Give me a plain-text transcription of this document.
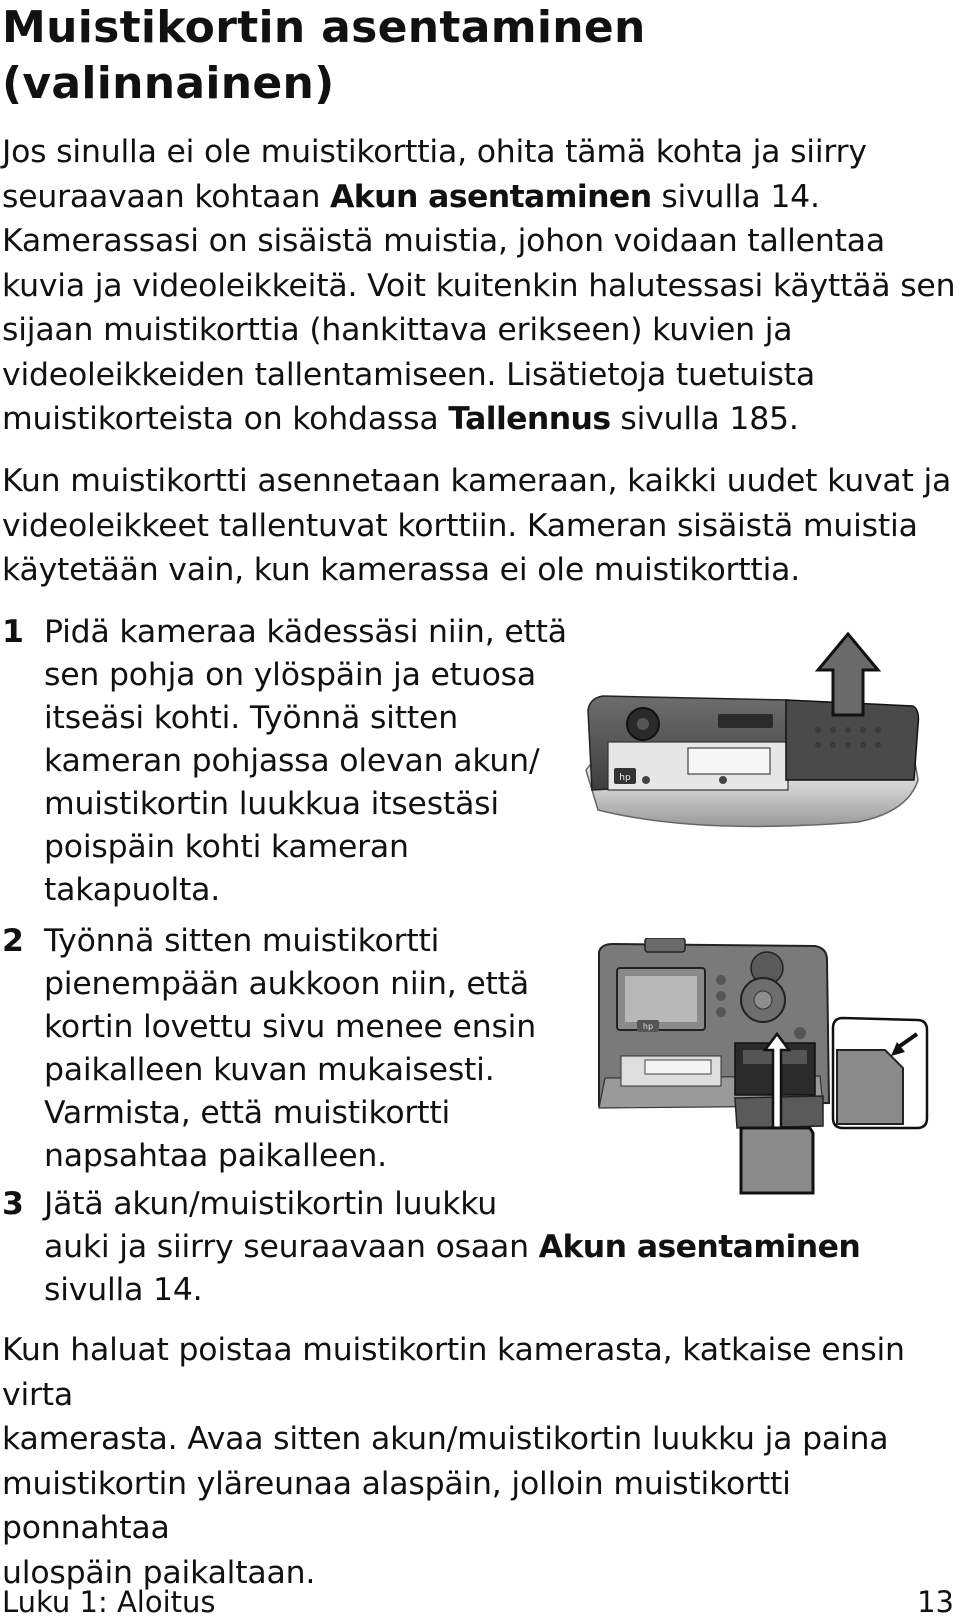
Muistikortin asentaminen
(valinnainen)

Jos sinulla ei ole muistikorttia, ohita tämä kohta ja siirry
seuraavaan kohtaan Akun asentaminen sivulla 14.
Kamerassasi on sisäistä muistia, johon voidaan tallentaa
kuvia ja videoleikkeitä. Voit kuitenkin halutessasi käyttää sen
sijaan muistikorttia (hankittava erikseen) kuvien ja
videoleikkeiden tallentamiseen. Lisätietoja tuetuista
muistikorteista on kohdassa Tallennus sivulla 185.

Kun muistikortti asennetaan kameraan, kaikki uudet kuvat ja
videoleikkeet tallentuvat korttiin. Kameran sisäistä muistia
käytetään vain, kun kamerassa ei ole muistikorttia.

1 Pidä kameraa kädessäsi niin, että
sen pohja on ylöspäin ja etuosa
itseäsi kohti. Työnnä sitten
kameran pohjassa olevan akun/
muistikortin luukkua itsestäsi
poispäin kohti kameran
takapuolta.

2 Työnnä sitten muistikortti
pienempään aukkoon niin, että
kortin lovettu sivu menee ensin
paikalleen kuvan mukaisesti.
Varmista, että muistikortti
napsahtaa paikalleen.

3 Jätä akun/muistikortin luukku
auki ja siirry seuraavaan osaan Akun asentaminen
sivulla 14.

Kun haluat poistaa muistikortin kamerasta, katkaise ensin virta
kamerasta. Avaa sitten akun/muistikortin luukku ja paina
muistikortin yläreunaa alaspäin, jolloin muistikortti ponnahtaa
ulospäin paikaltaan.

hp
hp
Luku 1: Aloitus	13
